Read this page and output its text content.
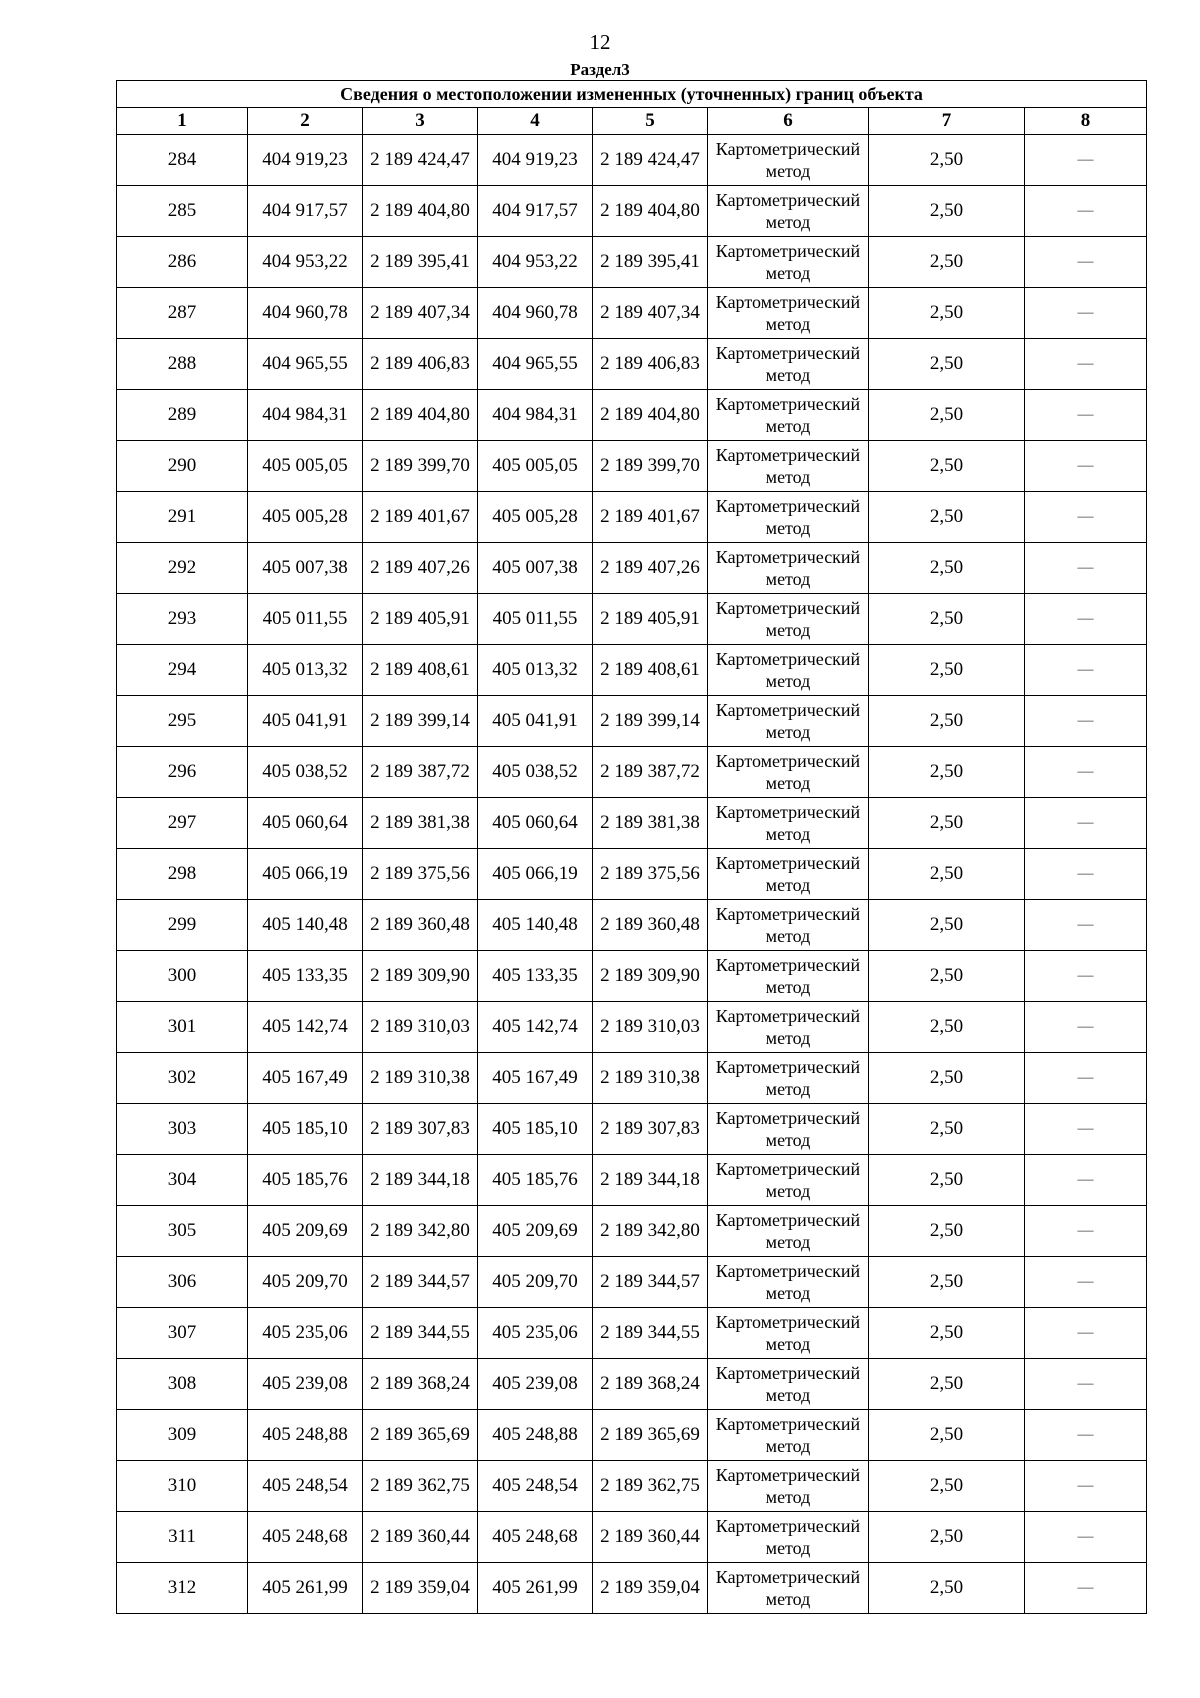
12
Раздел3
Сведения о местоположении измененных (уточненных) границ объекта							
1	2	3	4	5	6	7	8
284	404 919,23	2 189 424,47	404 919,23	2 189 424,47	Картометрический метод	2,50	—
285	404 917,57	2 189 404,80	404 917,57	2 189 404,80	Картометрический метод	2,50	—
286	404 953,22	2 189 395,41	404 953,22	2 189 395,41	Картометрический метод	2,50	—
287	404 960,78	2 189 407,34	404 960,78	2 189 407,34	Картометрический метод	2,50	—
288	404 965,55	2 189 406,83	404 965,55	2 189 406,83	Картометрический метод	2,50	—
289	404 984,31	2 189 404,80	404 984,31	2 189 404,80	Картометрический метод	2,50	—
290	405 005,05	2 189 399,70	405 005,05	2 189 399,70	Картометрический метод	2,50	—
291	405 005,28	2 189 401,67	405 005,28	2 189 401,67	Картометрический метод	2,50	—
292	405 007,38	2 189 407,26	405 007,38	2 189 407,26	Картометрический метод	2,50	—
293	405 011,55	2 189 405,91	405 011,55	2 189 405,91	Картометрический метод	2,50	—
294	405 013,32	2 189 408,61	405 013,32	2 189 408,61	Картометрический метод	2,50	—
295	405 041,91	2 189 399,14	405 041,91	2 189 399,14	Картометрический метод	2,50	—
296	405 038,52	2 189 387,72	405 038,52	2 189 387,72	Картометрический метод	2,50	—
297	405 060,64	2 189 381,38	405 060,64	2 189 381,38	Картометрический метод	2,50	—
298	405 066,19	2 189 375,56	405 066,19	2 189 375,56	Картометрический метод	2,50	—
299	405 140,48	2 189 360,48	405 140,48	2 189 360,48	Картометрический метод	2,50	—
300	405 133,35	2 189 309,90	405 133,35	2 189 309,90	Картометрический метод	2,50	—
301	405 142,74	2 189 310,03	405 142,74	2 189 310,03	Картометрический метод	2,50	—
302	405 167,49	2 189 310,38	405 167,49	2 189 310,38	Картометрический метод	2,50	—
303	405 185,10	2 189 307,83	405 185,10	2 189 307,83	Картометрический метод	2,50	—
304	405 185,76	2 189 344,18	405 185,76	2 189 344,18	Картометрический метод	2,50	—
305	405 209,69	2 189 342,80	405 209,69	2 189 342,80	Картометрический метод	2,50	—
306	405 209,70	2 189 344,57	405 209,70	2 189 344,57	Картометрический метод	2,50	—
307	405 235,06	2 189 344,55	405 235,06	2 189 344,55	Картометрический метод	2,50	—
308	405 239,08	2 189 368,24	405 239,08	2 189 368,24	Картометрический метод	2,50	—
309	405 248,88	2 189 365,69	405 248,88	2 189 365,69	Картометрический метод	2,50	—
310	405 248,54	2 189 362,75	405 248,54	2 189 362,75	Картометрический метод	2,50	—
311	405 248,68	2 189 360,44	405 248,68	2 189 360,44	Картометрический метод	2,50	—
312	405 261,99	2 189 359,04	405 261,99	2 189 359,04	Картометрический метод	2,50	—
